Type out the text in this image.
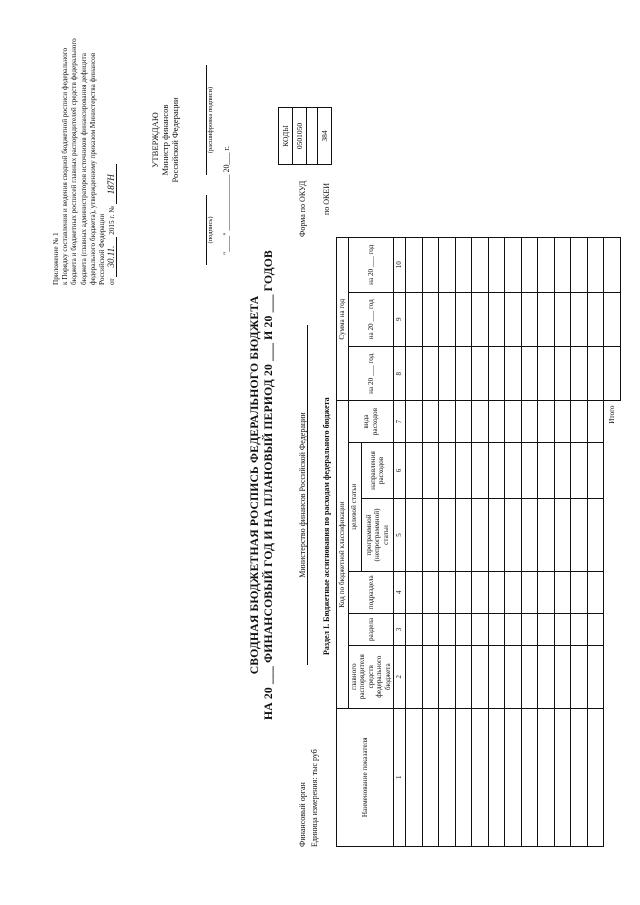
Приложение № 1 к Порядку составления и ведения сводной бюджетной росписи федерального бюджета и бюджетных росписей главных распорядителей средств федерального бюджета (главных администраторов источников финансирования дефицита федерального бюджета), утвержденному приказом Министерства финансов Российской Федерации от 30.11. 2015 г. № 187Н
УТВЕРЖДАЮ Министр финансов Российской Федерации
(подпись)
(расшифровка подписи)
"____" ______________ 20___ г.
СВОДНАЯ БЮДЖЕТНАЯ РОСПИСЬ ФЕДЕРАЛЬНОГО БЮДЖЕТА НА 20 ___ ФИНАНСОВЫЙ ГОД И НА ПЛАНОВЫЙ ПЕРИОД 20 ___ И 20 ___ ГОДОВ
КОДЫ
0501050

384
Форма по ОКУД по ОКЕИ
Финансовый орган
Министерство финансов Российской Федерации
Единица измерения: тыс руб
Раздел I. Бюджетные ассигнования по расходам федерального бюджета
Наименование показателя	Код по бюджетной классификации						Сумма на год		
	главного распорядителя средств федерального бюджета	раздела	подраздела	целевой статьи		вида расходов	на 20 ___ год	на 20 ___ год	на 20 ___ год
				программной (непрограммной) статьи	направления расходов				
1	2	3	4	5	6	7	8	9	10

Итого									
